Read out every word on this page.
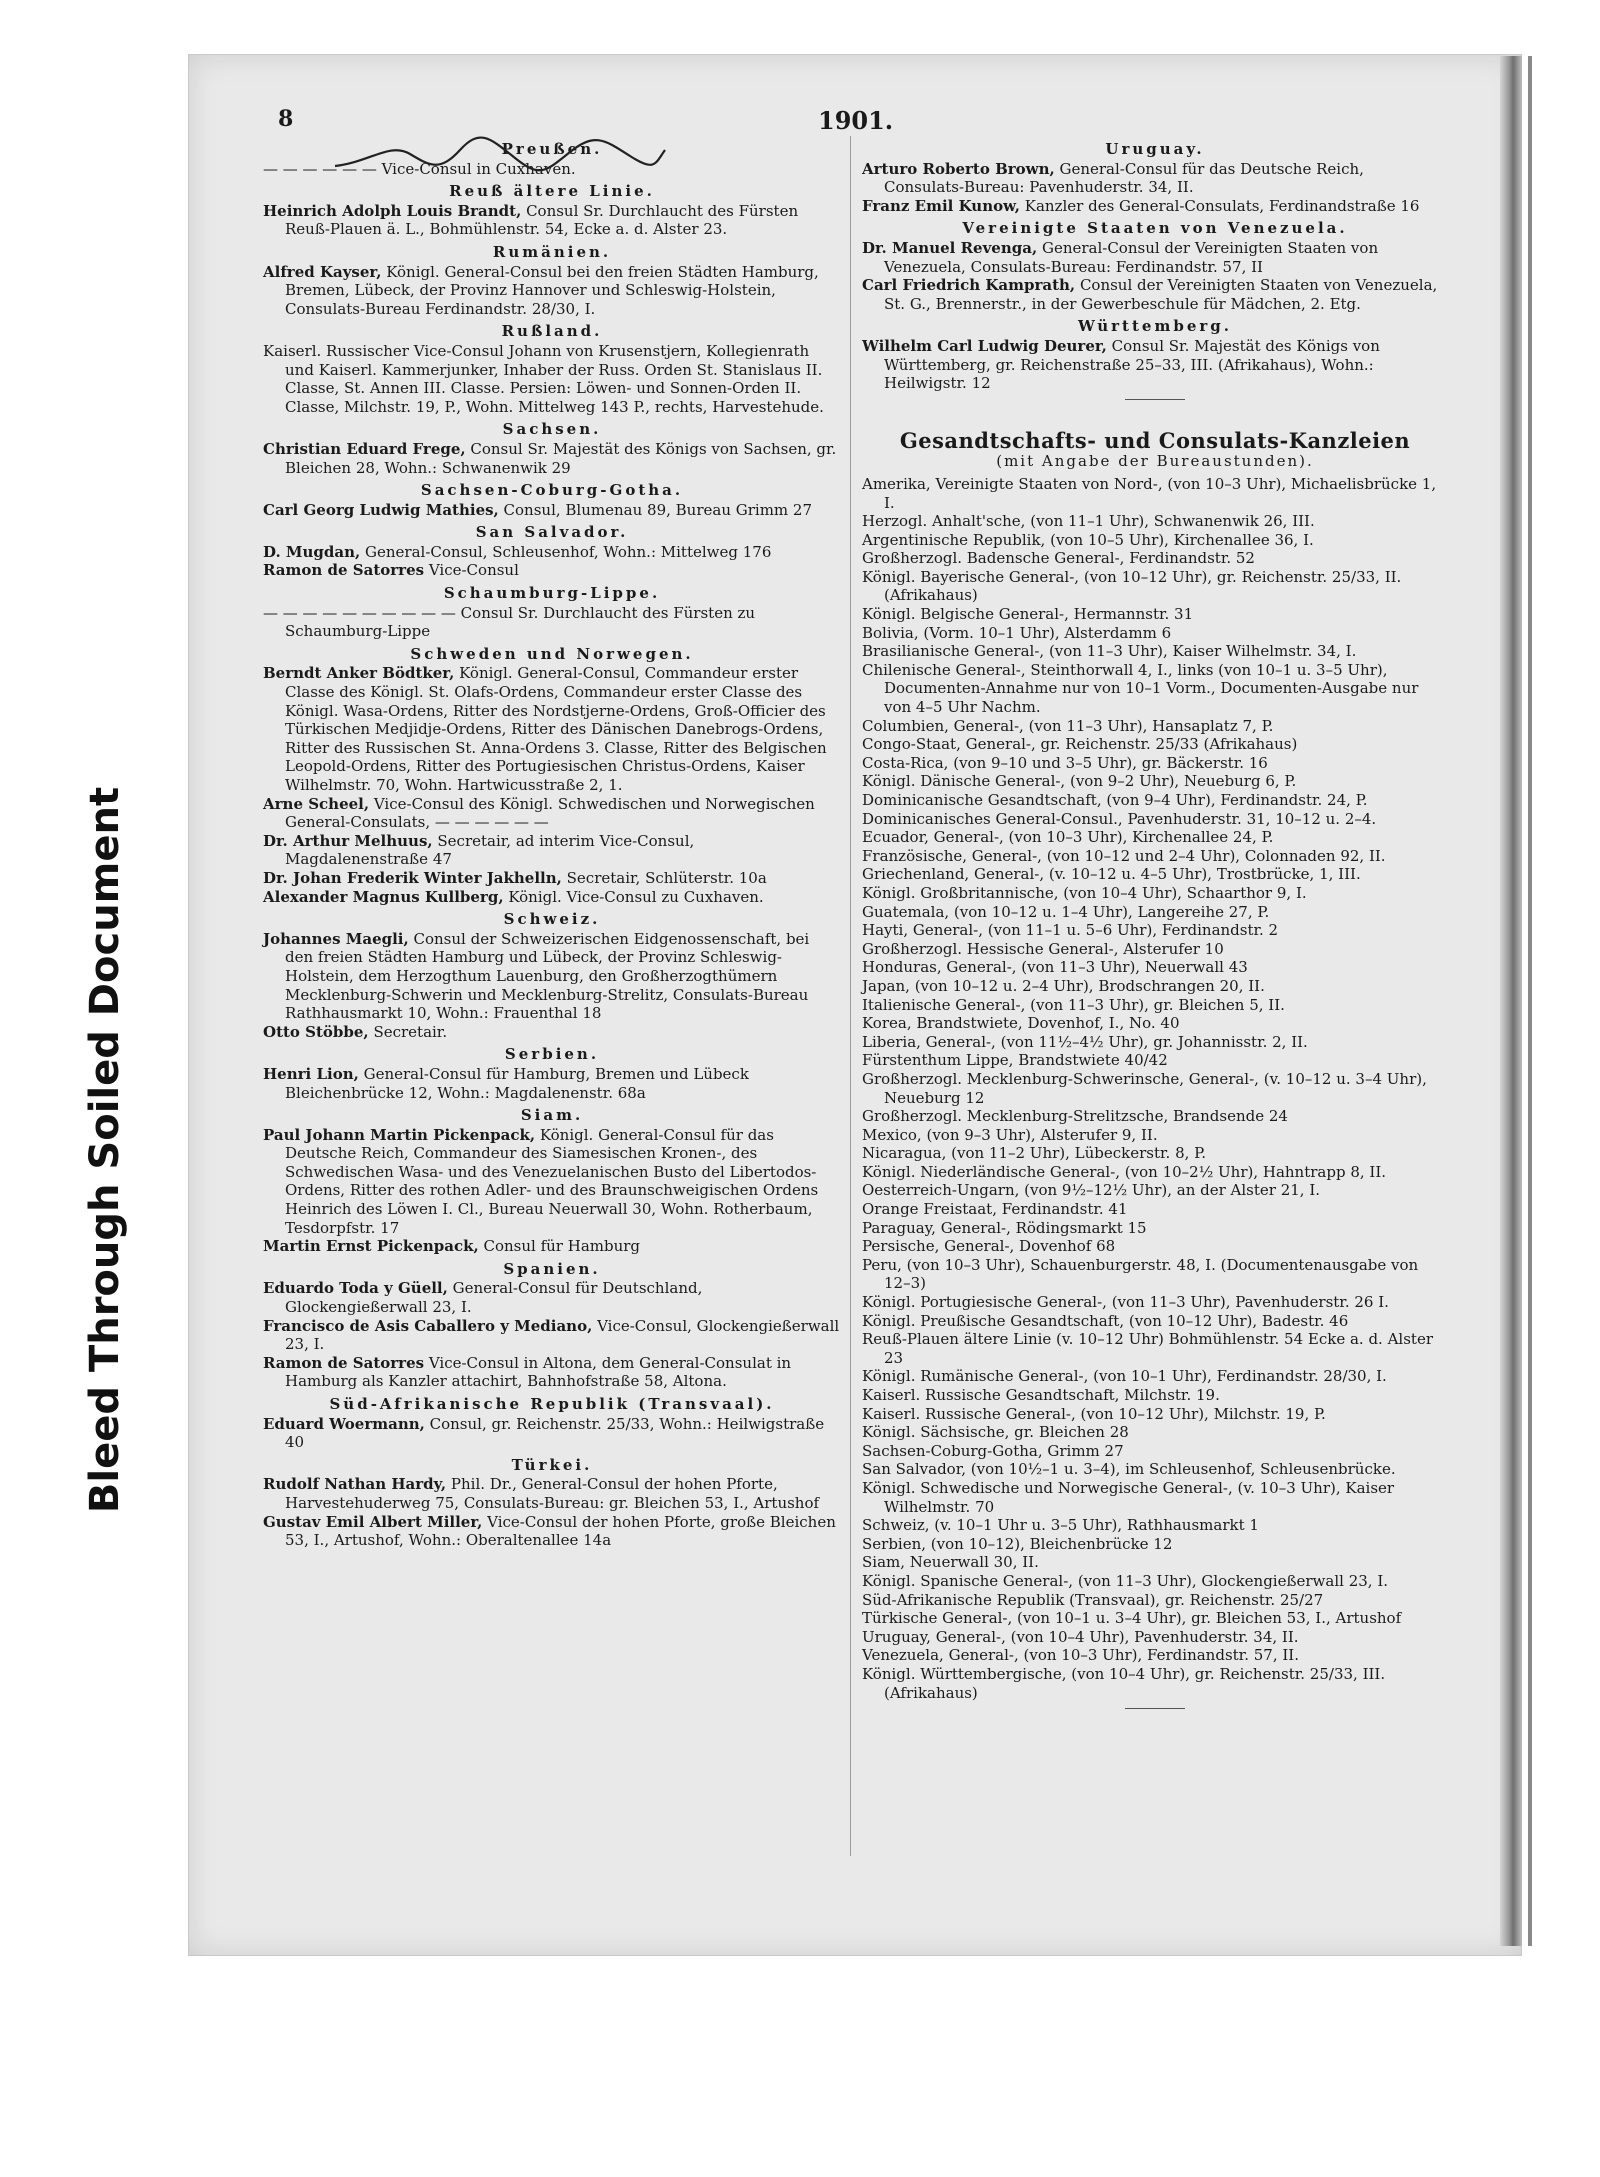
Bleed Through Soiled Document
8	1901.
Preußen.

— — — — — — Vice-Consul in Cuxhaven.

Reuß ältere Linie.

Heinrich Adolph Louis Brandt, Consul Sr. Durchlaucht des Fürsten Reuß-Plauen ä. L., Bohmühlenstr. 54, Ecke a. d. Alster 23.

Rumänien.

Alfred Kayser, Königl. General-Consul bei den freien Städten Hamburg, Bremen, Lübeck, der Provinz Hannover und Schleswig-Holstein, Consulats-Bureau Ferdinandstr. 28/30, I.

Rußland.

Kaiserl. Russischer Vice-Consul Johann von Krusenstjern, Kollegienrath und Kaiserl. Kammerjunker, Inhaber der Russ. Orden St. Stanislaus II. Classe, St. Annen III. Classe. Persien: Löwen- und Sonnen-Orden II. Classe, Milchstr. 19, P., Wohn. Mittelweg 143 P., rechts, Harvestehude.

Sachsen.

Christian Eduard Frege, Consul Sr. Majestät des Königs von Sachsen, gr. Bleichen 28, Wohn.: Schwanenwik 29

Sachsen-Coburg-Gotha.

Carl Georg Ludwig Mathies, Consul, Blumenau 89, Bureau Grimm 27

San Salvador.

D. Mugdan, General-Consul, Schleusenhof, Wohn.: Mittelweg 176

Ramon de Satorres Vice-Consul

Schaumburg-Lippe.

— — — — — — — — — — Consul Sr. Durchlaucht des Fürsten zu Schaumburg-Lippe

Schweden und Norwegen.

Berndt Anker Bödtker, Königl. General-Consul, Commandeur erster Classe des Königl. St. Olafs-Ordens, Commandeur erster Classe des Königl. Wasa-Ordens, Ritter des Nordstjerne-Ordens, Groß-Officier des Türkischen Medjidje-Ordens, Ritter des Dänischen Danebrogs-Ordens, Ritter des Russischen St. Anna-Ordens 3. Classe, Ritter des Belgischen Leopold-Ordens, Ritter des Portugiesischen Christus-Ordens, Kaiser Wilhelmstr. 70, Wohn. Hartwicusstraße 2, 1.

Arne Scheel, Vice-Consul des Königl. Schwedischen und Norwegischen General-Consulats, — — — — — —

Dr. Arthur Melhuus, Secretair, ad interim Vice-Consul, Magdalenenstraße 47

Dr. Johan Frederik Winter Jakhelln, Secretair, Schlüterstr. 10a

Alexander Magnus Kullberg, Königl. Vice-Consul zu Cuxhaven.

Schweiz.

Johannes Maegli, Consul der Schweizerischen Eidgenossenschaft, bei den freien Städten Hamburg und Lübeck, der Provinz Schleswig-Holstein, dem Herzogthum Lauenburg, den Großherzogthümern Mecklenburg-Schwerin und Mecklenburg-Strelitz, Consulats-Bureau Rathhausmarkt 10, Wohn.: Frauenthal 18

Otto Stöbbe, Secretair.

Serbien.

Henri Lion, General-Consul für Hamburg, Bremen und Lübeck Bleichenbrücke 12, Wohn.: Magdalenenstr. 68a

Siam.

Paul Johann Martin Pickenpack, Königl. General-Consul für das Deutsche Reich, Commandeur des Siamesischen Kronen-, des Schwedischen Wasa- und des Venezuelanischen Busto del Libertodos-Ordens, Ritter des rothen Adler- und des Braunschweigischen Ordens Heinrich des Löwen I. Cl., Bureau Neuerwall 30, Wohn. Rotherbaum, Tesdorpfstr. 17

Martin Ernst Pickenpack, Consul für Hamburg

Spanien.

Eduardo Toda y Güell, General-Consul für Deutschland, Glockengießerwall 23, I.

Francisco de Asis Caballero y Mediano, Vice-Consul, Glockengießerwall 23, I.

Ramon de Satorres Vice-Consul in Altona, dem General-Consulat in Hamburg als Kanzler attachirt, Bahnhofstraße 58, Altona.

Süd-Afrikanische Republik (Transvaal).

Eduard Woermann, Consul, gr. Reichenstr. 25/33, Wohn.: Heilwigstraße 40

Türkei.

Rudolf Nathan Hardy, Phil. Dr., General-Consul der hohen Pforte, Harvestehuderweg 75, Consulats-Bureau: gr. Bleichen 53, I., Artushof

Gustav Emil Albert Miller, Vice-Consul der hohen Pforte, große Bleichen 53, I., Artushof, Wohn.: Oberaltenallee 14a

Uruguay.

Arturo Roberto Brown, General-Consul für das Deutsche Reich, Consulats-Bureau: Pavenhuderstr. 34, II.

Franz Emil Kunow, Kanzler des General-Consulats, Ferdinandstraße 16

Vereinigte Staaten von Venezuela.

Dr. Manuel Revenga, General-Consul der Vereinigten Staaten von Venezuela, Consulats-Bureau: Ferdinandstr. 57, II

Carl Friedrich Kamprath, Consul der Vereinigten Staaten von Venezuela, St. G., Brennerstr., in der Gewerbeschule für Mädchen, 2. Etg.

Württemberg.

Wilhelm Carl Ludwig Deurer, Consul Sr. Majestät des Königs von Württemberg, gr. Reichenstraße 25–33, III. (Afrikahaus), Wohn.: Heilwigstr. 12

Gesandtschafts- und Consulats-Kanzleien
(mit Angabe der Bureaustunden).

Amerika, Vereinigte Staaten von Nord-, (von 10–3 Uhr), Michaelisbrücke 1, I.

Herzogl. Anhalt'sche, (von 11–1 Uhr), Schwanenwik 26, III.

Argentinische Republik, (von 10–5 Uhr), Kirchenallee 36, I.

Großherzogl. Badensche General-, Ferdinandstr. 52

Königl. Bayerische General-, (von 10–12 Uhr), gr. Reichenstr. 25/33, II. (Afrikahaus)

Königl. Belgische General-, Hermannstr. 31

Bolivia, (Vorm. 10–1 Uhr), Alsterdamm 6

Brasilianische General-, (von 11–3 Uhr), Kaiser Wilhelmstr. 34, I.

Chilenische General-, Steinthorwall 4, I., links (von 10–1 u. 3–5 Uhr), Documenten-Annahme nur von 10–1 Vorm., Documenten-Ausgabe nur von 4–5 Uhr Nachm.

Columbien, General-, (von 11–3 Uhr), Hansaplatz 7, P.

Congo-Staat, General-, gr. Reichenstr. 25/33 (Afrikahaus)

Costa-Rica, (von 9–10 und 3–5 Uhr), gr. Bäckerstr. 16

Königl. Dänische General-, (von 9–2 Uhr), Neueburg 6, P.

Dominicanische Gesandtschaft, (von 9–4 Uhr), Ferdinandstr. 24, P.

Dominicanisches General-Consul., Pavenhuderstr. 31, 10–12 u. 2–4.

Ecuador, General-, (von 10–3 Uhr), Kirchenallee 24, P.

Französische, General-, (von 10–12 und 2–4 Uhr), Colonnaden 92, II.

Griechenland, General-, (v. 10–12 u. 4–5 Uhr), Trostbrücke, 1, III.

Königl. Großbritannische, (von 10–4 Uhr), Schaarthor 9, I.

Guatemala, (von 10–12 u. 1–4 Uhr), Langereihe 27, P.

Hayti, General-, (von 11–1 u. 5–6 Uhr), Ferdinandstr. 2

Großherzogl. Hessische General-, Alsterufer 10

Honduras, General-, (von 11–3 Uhr), Neuerwall 43

Japan, (von 10–12 u. 2–4 Uhr), Brodschrangen 20, II.

Italienische General-, (von 11–3 Uhr), gr. Bleichen 5, II.

Korea, Brandstwiete, Dovenhof, I., No. 40

Liberia, General-, (von 11½–4½ Uhr), gr. Johannisstr. 2, II.

Fürstenthum Lippe, Brandstwiete 40/42

Großherzogl. Mecklenburg-Schwerinsche, General-, (v. 10–12 u. 3–4 Uhr), Neueburg 12

Großherzogl. Mecklenburg-Strelitzsche, Brandsende 24

Mexico, (von 9–3 Uhr), Alsterufer 9, II.

Nicaragua, (von 11–2 Uhr), Lübeckerstr. 8, P.

Königl. Niederländische General-, (von 10–2½ Uhr), Hahntrapp 8, II.

Oesterreich-Ungarn, (von 9½–12½ Uhr), an der Alster 21, I.

Orange Freistaat, Ferdinandstr. 41

Paraguay, General-, Rödingsmarkt 15

Persische, General-, Dovenhof 68

Peru, (von 10–3 Uhr), Schauenburgerstr. 48, I. (Documentenausgabe von 12–3)

Königl. Portugiesische General-, (von 11–3 Uhr), Pavenhuderstr. 26 I.

Königl. Preußische Gesandtschaft, (von 10–12 Uhr), Badestr. 46

Reuß-Plauen ältere Linie (v. 10–12 Uhr) Bohmühlenstr. 54 Ecke a. d. Alster 23

Königl. Rumänische General-, (von 10–1 Uhr), Ferdinandstr. 28/30, I.

Kaiserl. Russische Gesandtschaft, Milchstr. 19.

Kaiserl. Russische General-, (von 10–12 Uhr), Milchstr. 19, P.

Königl. Sächsische, gr. Bleichen 28

Sachsen-Coburg-Gotha, Grimm 27

San Salvador, (von 10½–1 u. 3–4), im Schleusenhof, Schleusenbrücke.

Königl. Schwedische und Norwegische General-, (v. 10–3 Uhr), Kaiser Wilhelmstr. 70

Schweiz, (v. 10–1 Uhr u. 3–5 Uhr), Rathhausmarkt 1

Serbien, (von 10–12), Bleichenbrücke 12

Siam, Neuerwall 30, II.

Königl. Spanische General-, (von 11–3 Uhr), Glockengießerwall 23, I.

Süd-Afrikanische Republik (Transvaal), gr. Reichenstr. 25/27

Türkische General-, (von 10–1 u. 3–4 Uhr), gr. Bleichen 53, I., Artushof

Uruguay, General-, (von 10–4 Uhr), Pavenhuderstr. 34, II.

Venezuela, General-, (von 10–3 Uhr), Ferdinandstr. 57, II.

Königl. Württembergische, (von 10–4 Uhr), gr. Reichenstr. 25/33, III. (Afrikahaus)
